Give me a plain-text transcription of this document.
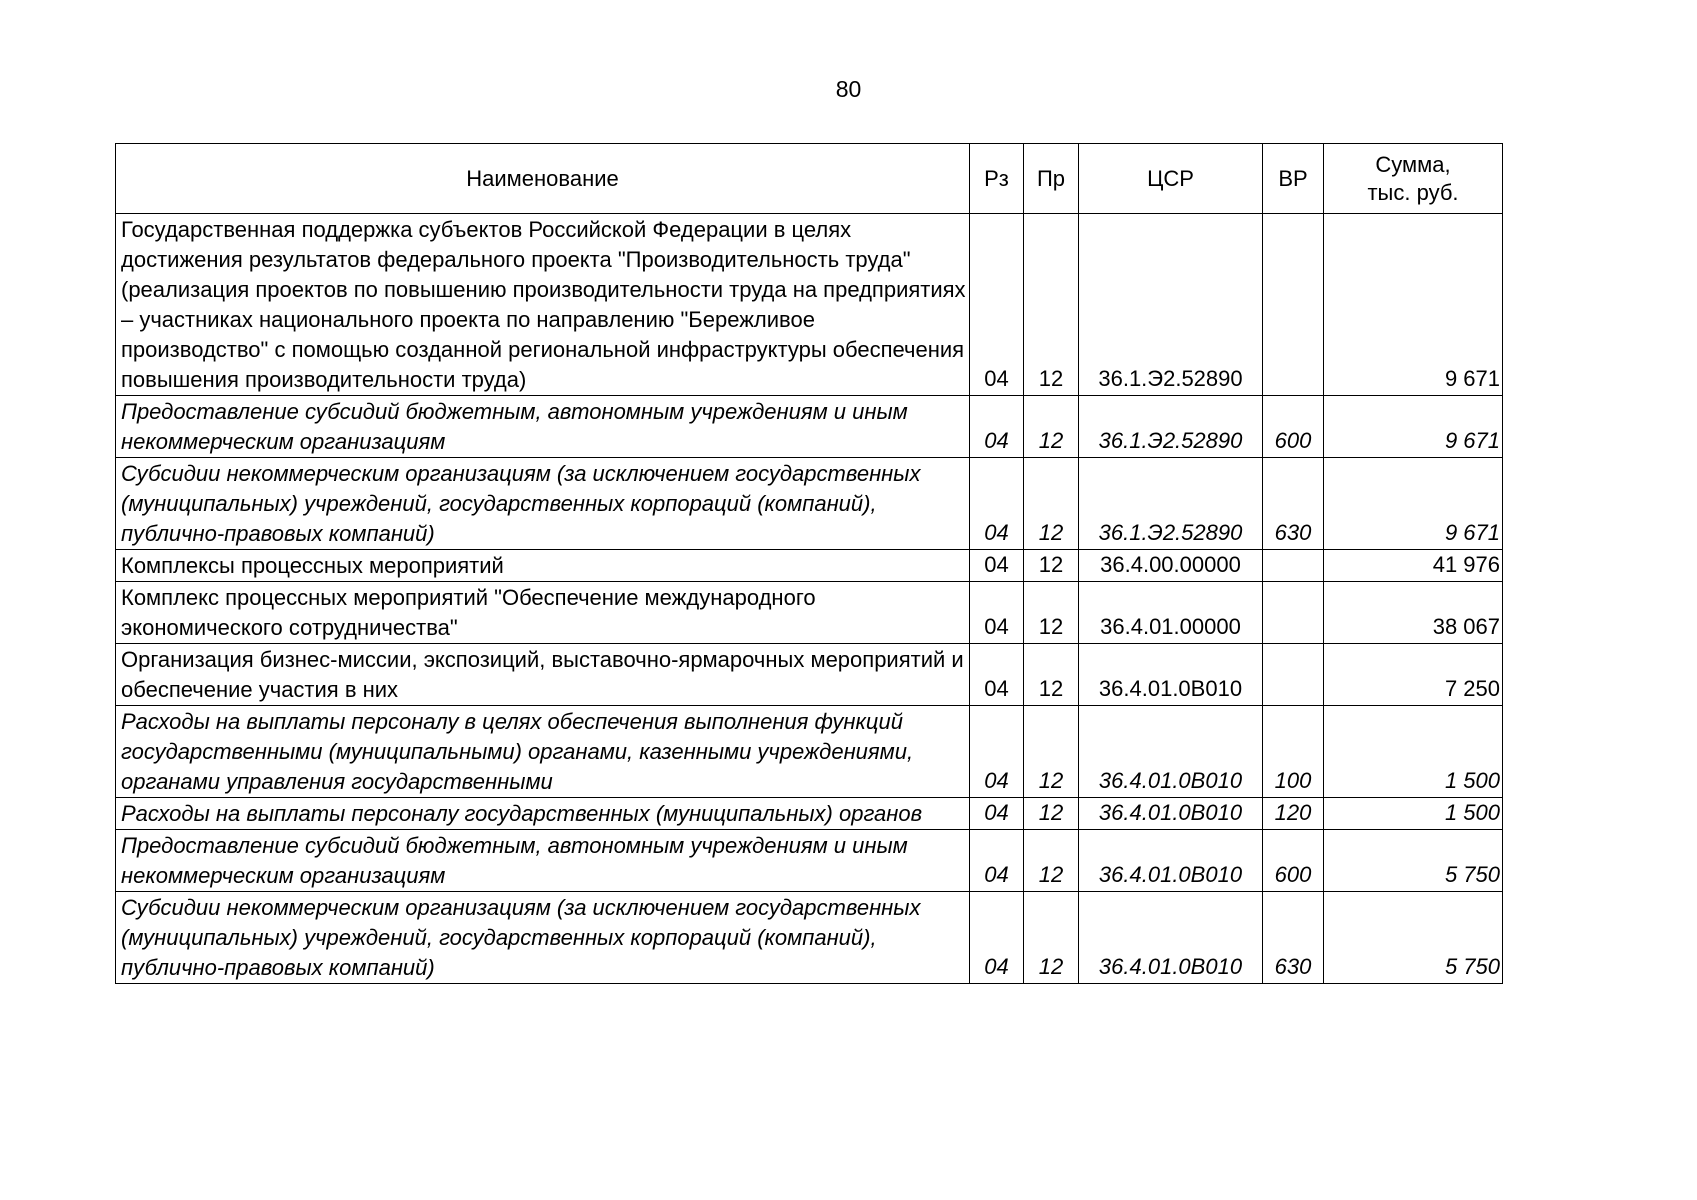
80
Наименование	Рз	Пр	ЦСР	ВР	Сумма,
тыс. руб.

Государственная поддержка субъектов Российской Федерации в целях достижения результатов федерального проекта "Производительность труда" (реализация проектов по повышению производительности труда на предприятиях – участниках национального проекта по направлению "Бережливое производство" с помощью созданной региональной инфраструктуры обеспечения повышения производительности труда)	04	12	36.1.Э2.52890		9 671
Предоставление субсидий бюджетным, автономным учреждениям и иным некоммерческим организациям	04	12	36.1.Э2.52890	600	9 671
Субсидии некоммерческим организациям (за исключением государственных (муниципальных) учреждений, государственных корпораций (компаний), публично-правовых компаний)	04	12	36.1.Э2.52890	630	9 671
Комплексы процессных мероприятий	04	12	36.4.00.00000		41 976
Комплекс процессных мероприятий "Обеспечение международного экономического сотрудничества"	04	12	36.4.01.00000		38 067
Организация бизнес-миссии, экспозиций, выставочно-ярмарочных мероприятий и обеспечение участия в них	04	12	36.4.01.0В010		7 250
Расходы на выплаты персоналу в целях обеспечения выполнения функций государственными (муниципальными) органами, казенными учреждениями, органами управления государственными	04	12	36.4.01.0В010	100	1 500
Расходы на выплаты персоналу государственных (муниципальных) органов	04	12	36.4.01.0В010	120	1 500
Предоставление субсидий бюджетным, автономным учреждениям и иным некоммерческим организациям	04	12	36.4.01.0В010	600	5 750
Субсидии некоммерческим организациям (за исключением государственных (муниципальных) учреждений, государственных корпораций (компаний), публично-правовых компаний)	04	12	36.4.01.0В010	630	5 750
